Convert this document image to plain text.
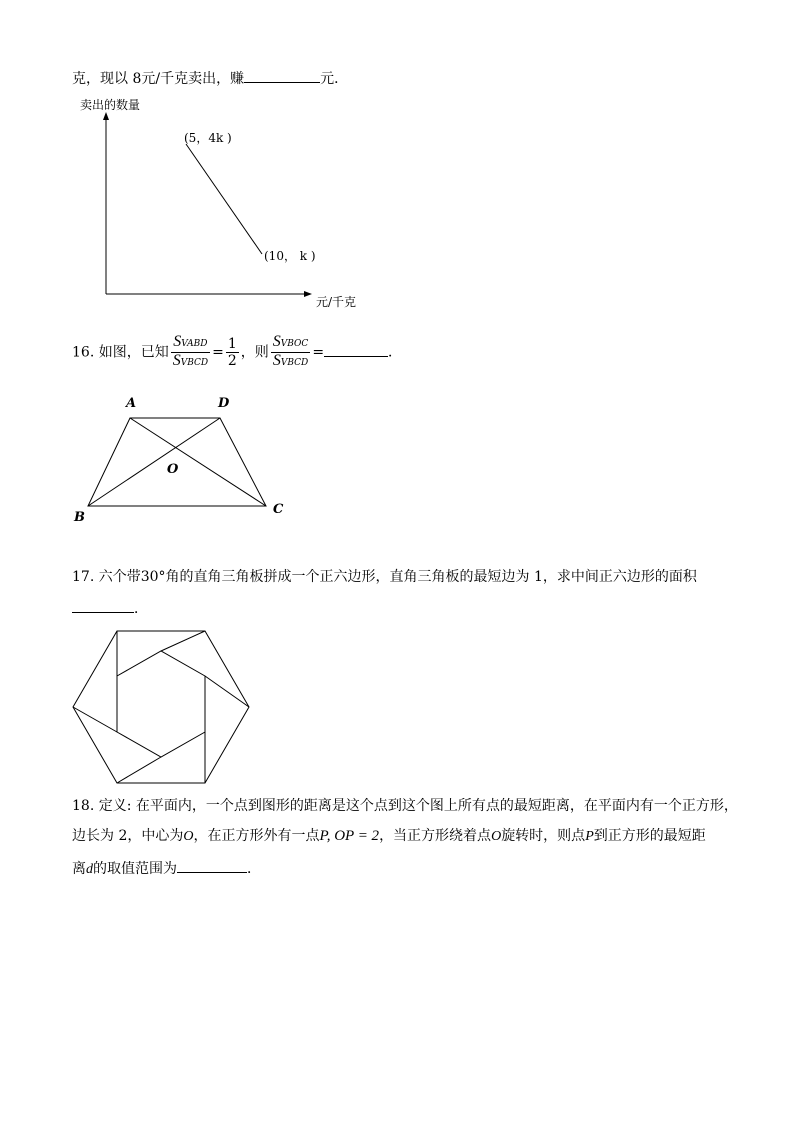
克，现以 8元/千克卖出，赚	元．
卖出的数量
元/千克
(5，4k )
(10， k )
16. 如图，已知 $\frac{\text{SVABD}}{\text{SVBCD}} = \frac{1}{2}$ ，则 $\frac{\text{SVBOC}}{\text{SVBCD}}$ =	．
A	D
O
B
C
17. 六个带30°角的直角三角板拼成一个正六边形，直角三角板的最短边为 1，求中间正六边形的面积
．
18. 定义: 在平面内，一个点到图形的距离是这个点到这个图上所有点的最短距离，在平面内有一个正方形，
边长为 2，中心为O，在正方形外有一点P, OP = 2，当正方形绕着点O旋转时，则点P到正方形的最短距
离d的取值范围为	．
